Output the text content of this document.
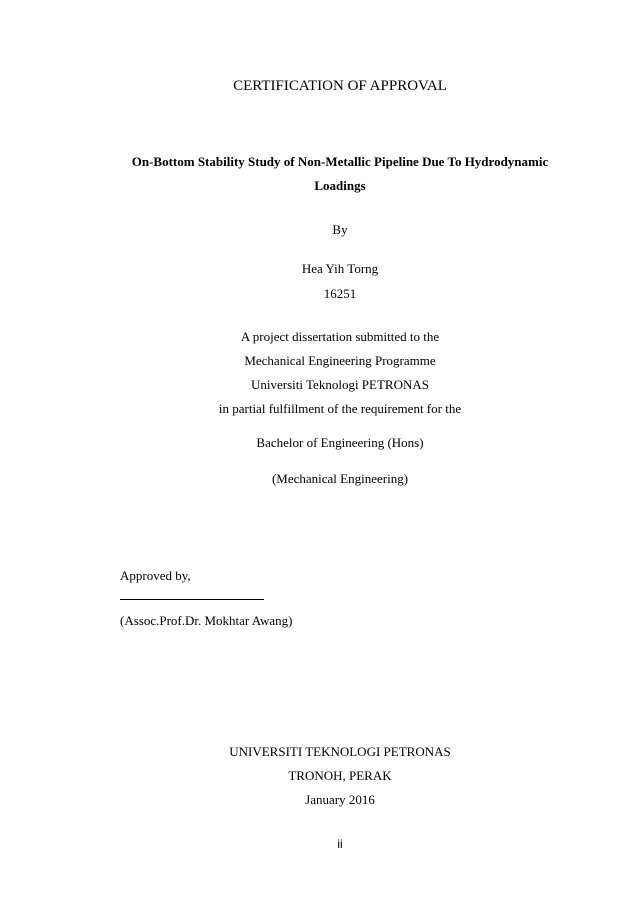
CERTIFICATION OF APPROVAL
On-Bottom Stability Study of Non-Metallic Pipeline Due To Hydrodynamic
Loadings
By
Hea Yih Torng
16251
A project dissertation submitted to the
Mechanical Engineering Programme
Universiti Teknologi PETRONAS
in partial fulfillment of the requirement for the
Bachelor of Engineering (Hons)
(Mechanical Engineering)
Approved by,
(Assoc.Prof.Dr. Mokhtar Awang)
UNIVERSITI TEKNOLOGI PETRONAS
TRONOH, PERAK
January 2016
ii
